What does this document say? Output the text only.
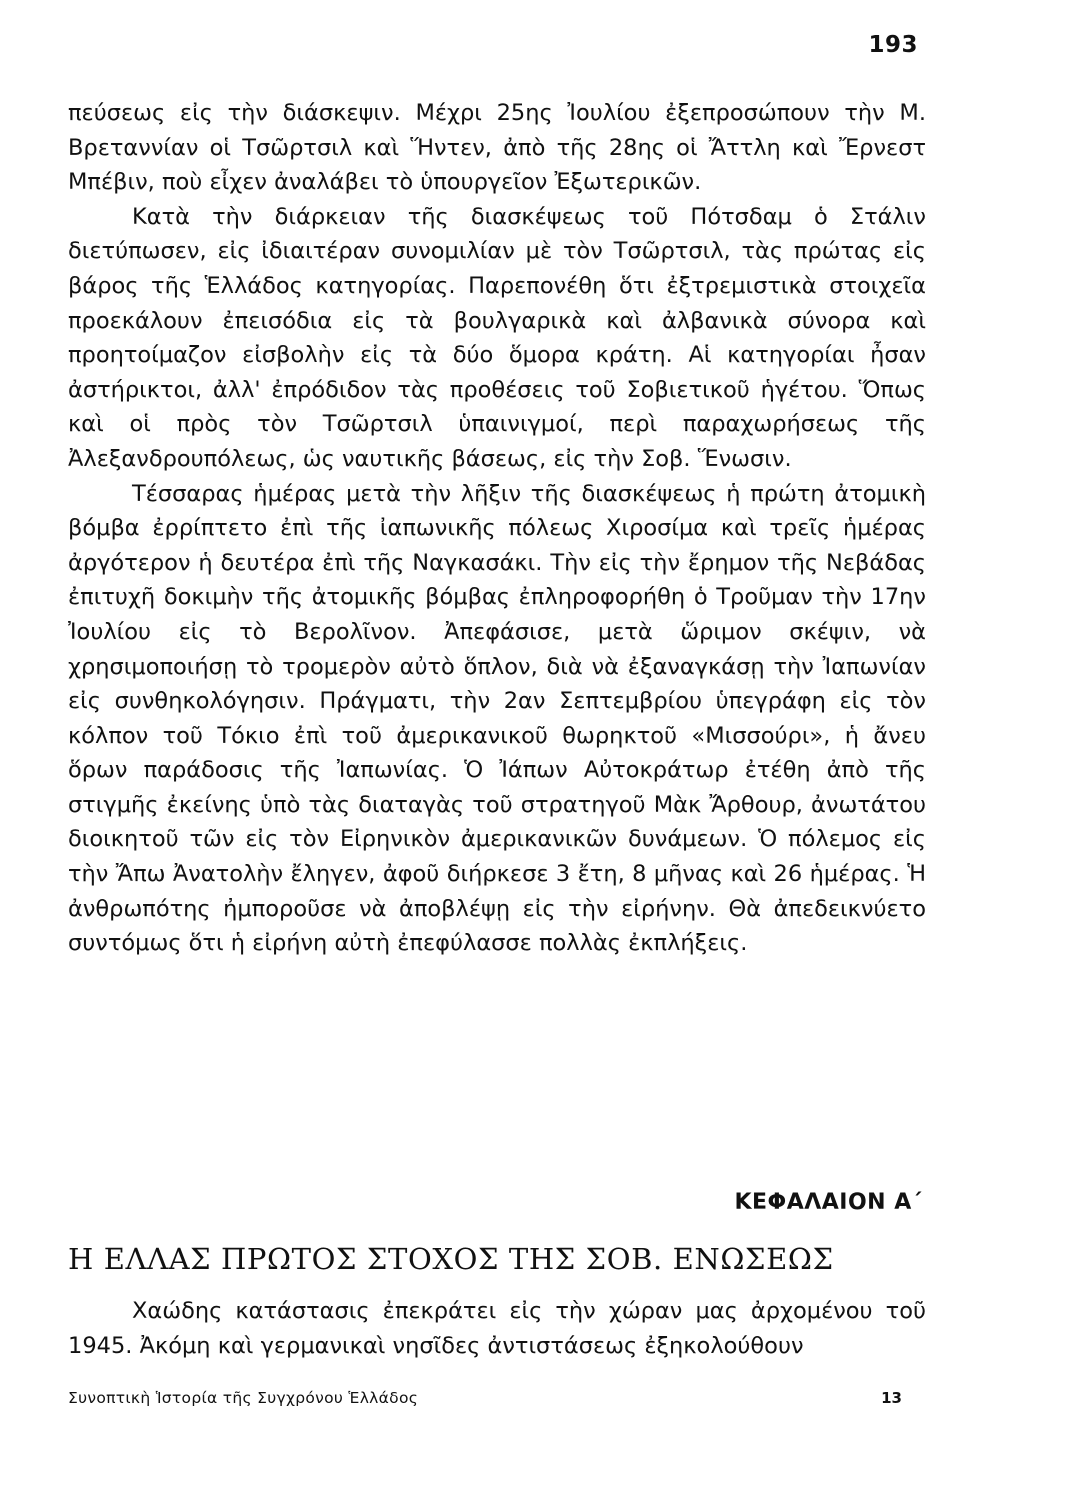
193

πεύσεως εἰς τὴν διάσκεψιν. Μέχρι 25ης Ἰουλίου ἐξεπροσώπουν τὴν Μ. Βρεταννίαν οἱ Τσῶρτσιλ καὶ Ἥντεν, ἀπὸ τῆς 28ης οἱ Ἄττλη καὶ Ἔρνεστ Μπέβιν, ποὺ εἶχεν ἀναλάβει τὸ ὑπουργεῖον Ἐξωτερικῶν.

Κατὰ τὴν διάρκειαν τῆς διασκέψεως τοῦ Πότσδαμ ὁ Στάλιν διετύπωσεν, εἰς ἰδιαιτέραν συνομιλίαν μὲ τὸν Τσῶρτσιλ, τὰς πρώτας εἰς βάρος τῆς Ἑλλάδος κατηγορίας. Παρεπονέθη ὅτι ἐξτρεμιστικὰ στοιχεῖα προεκάλουν ἐπεισόδια εἰς τὰ βουλγαρικὰ καὶ ἀλβανικὰ σύνορα καὶ προητοίμαζον εἰσβολὴν εἰς τὰ δύο ὅμορα κράτη. Αἱ κατηγορίαι ἦσαν ἀστήρικτοι, ἀλλ' ἐπρόδιδον τὰς προθέσεις τοῦ Σοβιετικοῦ ἡγέτου. Ὅπως καὶ οἱ πρὸς τὸν Τσῶρτσιλ ὑπαινιγμοί, περὶ παραχωρήσεως τῆς Ἀλεξανδρουπόλεως, ὡς ναυτικῆς βάσεως, εἰς τὴν Σοβ. Ἕνωσιν.

Τέσσαρας ἡμέρας μετὰ τὴν λῆξιν τῆς διασκέψεως ἡ πρώτη ἀτομικὴ βόμβα ἐρρίπτετο ἐπὶ τῆς ἰαπωνικῆς πόλεως Χιροσίμα καὶ τρεῖς ἡμέρας ἀργότερον ἡ δευτέρα ἐπὶ τῆς Ναγκασάκι. Τὴν εἰς τὴν ἔρημον τῆς Νεβάδας ἐπιτυχῆ δοκιμὴν τῆς ἀτομικῆς βόμβας ἐπληροφορήθη ὁ Τροῦμαν τὴν 17ην Ἰουλίου εἰς τὸ Βερολῖνον. Ἀπεφάσισε, μετὰ ὥριμον σκέψιν, νὰ χρησιμοποιήσῃ τὸ τρομερὸν αὐτὸ ὅπλον, διὰ νὰ ἐξαναγκάσῃ τὴν Ἰαπωνίαν εἰς συνθηκολόγησιν. Πράγματι, τὴν 2αν Σεπτεμβρίου ὑπεγράφη εἰς τὸν κόλπον τοῦ Τόκιο ἐπὶ τοῦ ἀμερικανικοῦ θωρηκτοῦ «Μισσούρι», ἡ ἄνευ ὅρων παράδοσις τῆς Ἰαπωνίας. Ὁ Ἰάπων Αὐτοκράτωρ ἐτέθη ἀπὸ τῆς στιγμῆς ἐκείνης ὑπὸ τὰς διαταγὰς τοῦ στρατηγοῦ Μὰκ Ἄρθουρ, ἀνωτάτου διοικητοῦ τῶν εἰς τὸν Εἰρηνικὸν ἀμερικανικῶν δυνάμεων. Ὁ πόλεμος εἰς τὴν Ἄπω Ἀνατολὴν ἔληγεν, ἀφοῦ διήρκεσε 3 ἔτη, 8 μῆνας καὶ 26 ἡμέρας. Ἡ ἀνθρωπότης ἠμποροῦσε νὰ ἀποβλέψῃ εἰς τὴν εἰρήνην. Θὰ ἀπεδεικνύετο συντόμως ὅτι ἡ εἰρήνη αὐτὴ ἐπεφύλασσε πολλὰς ἐκπλήξεις.

ΚΕΦΑΛΑΙΟΝ Α΄
Η ΕΛΛΑΣ ΠΡΩΤΟΣ ΣΤΟΧΟΣ ΤΗΣ ΣΟΒ. ΕΝΩΣΕΩΣ

Χαώδης κατάστασις ἐπεκράτει εἰς τὴν χώραν μας ἀρχομένου τοῦ 1945. Ἀκόμη καὶ γερμανικαὶ νησῖδες ἀντιστάσεως ἐξηκολούθουν

Συνοπτικὴ Ἱστορία τῆς Συγχρόνου Ἑλλάδος	13
